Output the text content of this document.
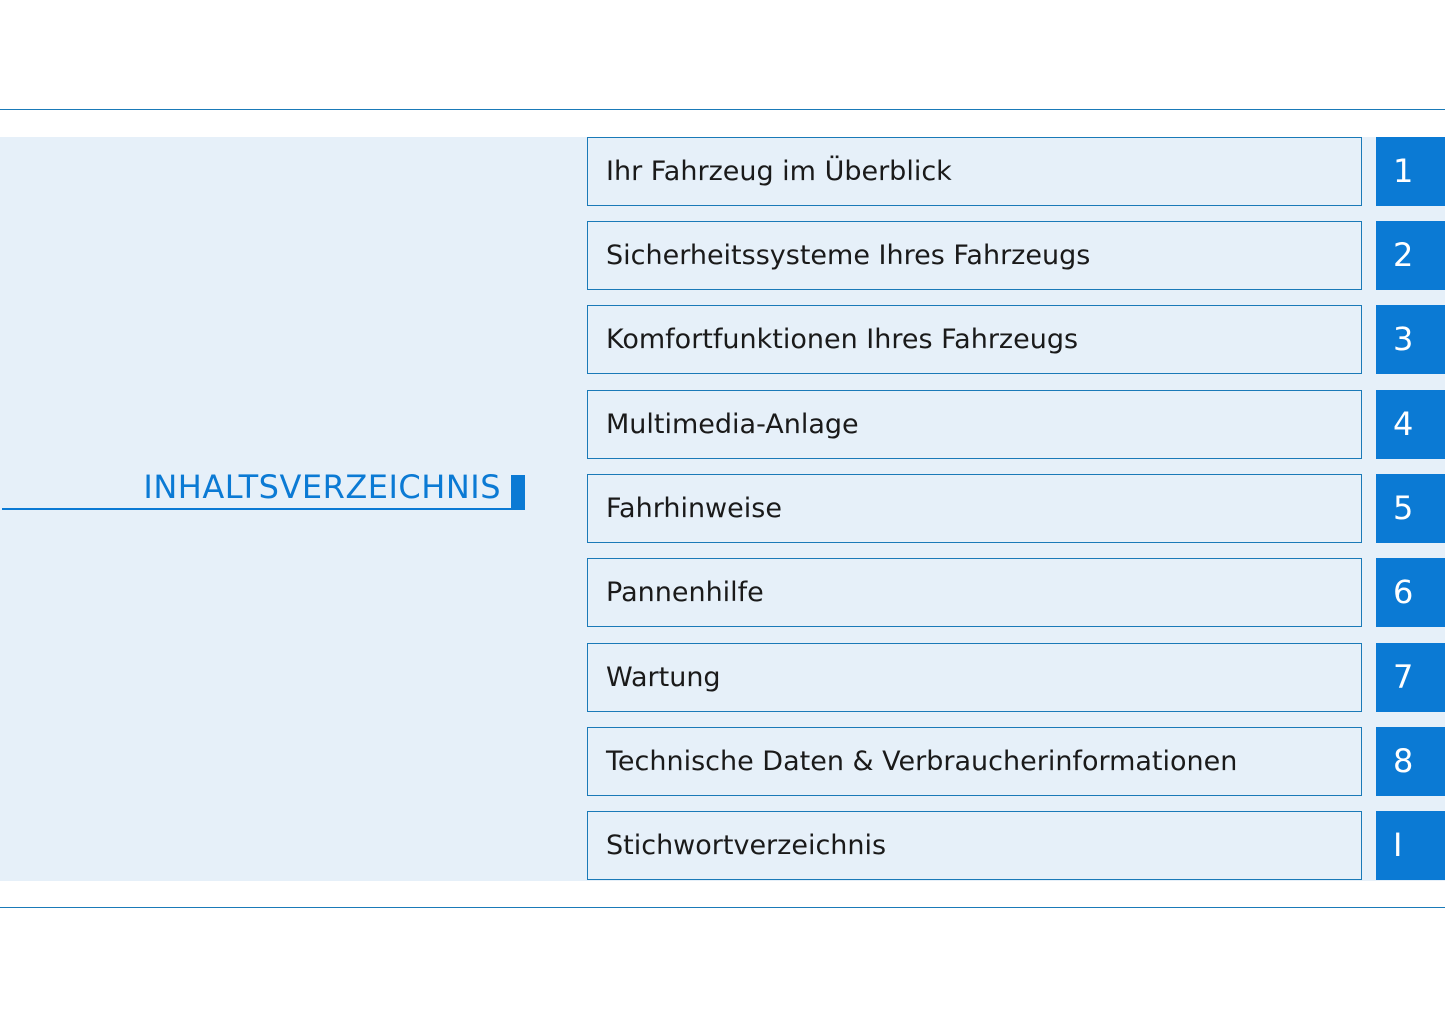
INHALTSVERZEICHNIS
Ihr Fahrzeug im Überblick	1
Sicherheitssysteme Ihres Fahrzeugs	2
Komfortfunktionen Ihres Fahrzeugs	3
Multimedia-Anlage	4
Fahrhinweise	5
Pannenhilfe	6
Wartung	7
Technische Daten & Verbraucherinformationen	8
Stichwortverzeichnis	I
